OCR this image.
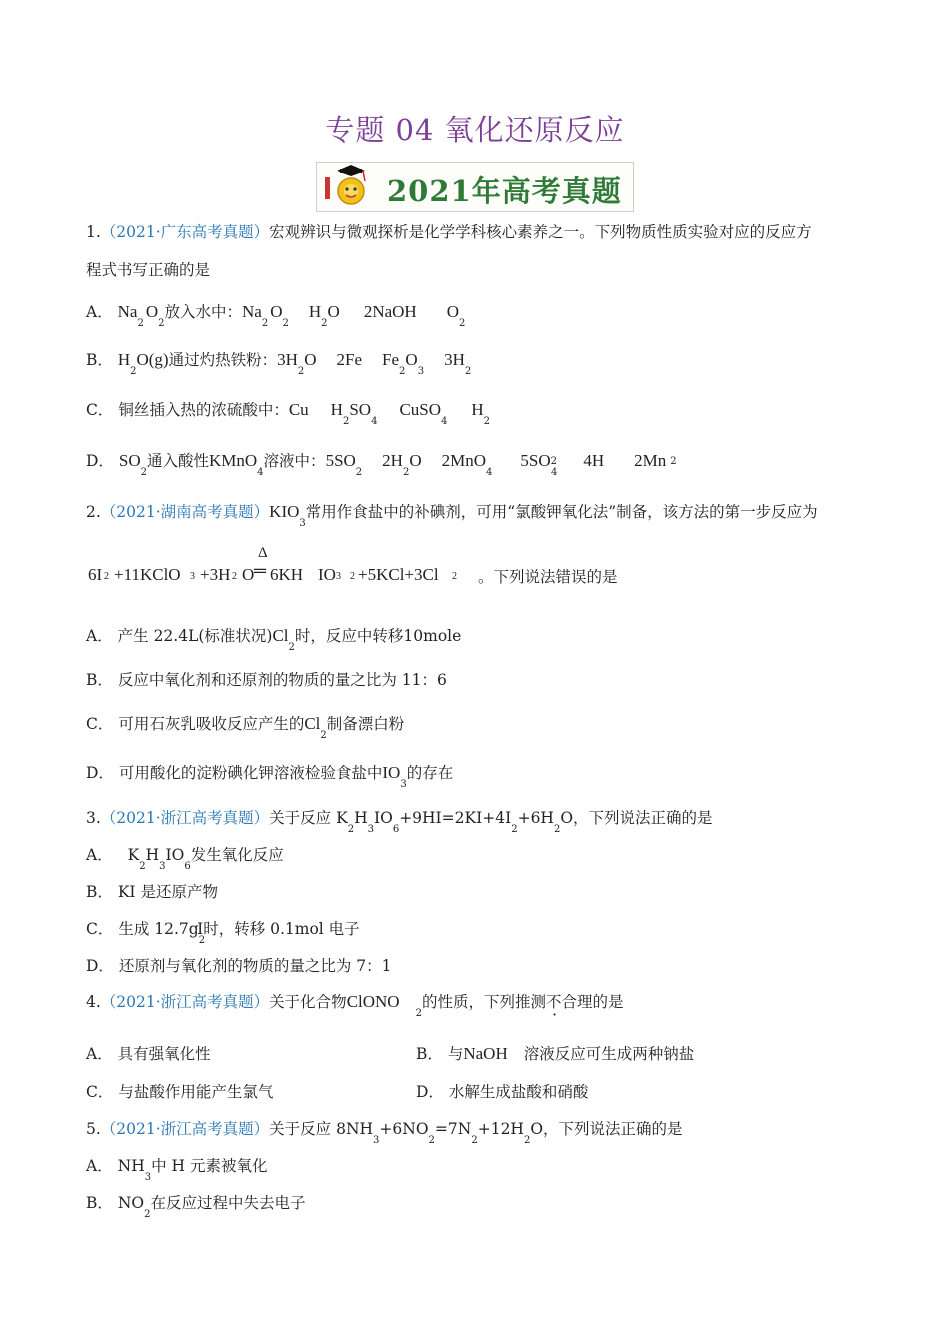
专题 04 氧化还原反应
2021年高考真题
1.（2021·广东高考真题）宏观辨识与微观探析是化学学科核心素养之一。下列物质性质实验对应的反应方
程式书写正确的是
A． $Na_2O_2$放入水中：$Na_2O_2H_2O$ 2NaOH $O_2$
B． $H_2O(g)$通过灼热铁粉：$3H_2O$ 2Fe $Fe_2O_33H_2$
C． 铜丝插入热的浓硫酸中：Cu $H_2SO_4CuSO_4H_2$
D． $SO_2$通入酸性KMnO$_4$溶液中：$5SO_22H_2O$ $2MnO_45SO2_44H$ 2Mn 2
2.（2021·湖南高考真题）$KIO_3$常用作食盐中的补碘剂，可用“氯酸钾氧化法”制备，该方法的第一步反应为
6I 2 +11KClO 3 +3H 2 O
Δ
═ 6KH IO 3 2 +5KCl+3Cl 2 。下列说法错误的是
A． 产生 22.4L(标准状况)$Cl_2$时，反应中转移10mole
B． 反应中氧化剂和还原剂的物质的量之比为 11：6
C． 可用石灰乳吸收反应产生的$Cl_2$制备漂白粉
D． 可用酸化的淀粉碘化钾溶液检验食盐中$IO_3$的存在
3.（2021·浙江高考真题）关于反应 $K_2H_3IO_6+9HI=2KI+4I_2+6H_2O$，下列说法正确的是
A． $K_2H_3IO_6$发生氧化反应
B． KI 是还原产物
C． 生成 $12.7g_2I$时，转移 0.1mol 电子
D． 还原剂与氧化剂的物质的量之比为 7：1
4.（2021·浙江高考真题）关于化合物ClONO$_2$的性质，下列推测不合理的是
A． 具有强氧化性	B． 与NaOH 溶液反应可生成两种钠盐
C． 与盐酸作用能产生氯气	D． 水解生成盐酸和硝酸
5.（2021·浙江高考真题）关于反应 $8NH_3+6NO_2=7N_2+12H_2O$，下列说法正确的是
A． $NH_3$中 H 元素被氧化
B． $NO_2$在反应过程中失去电子
